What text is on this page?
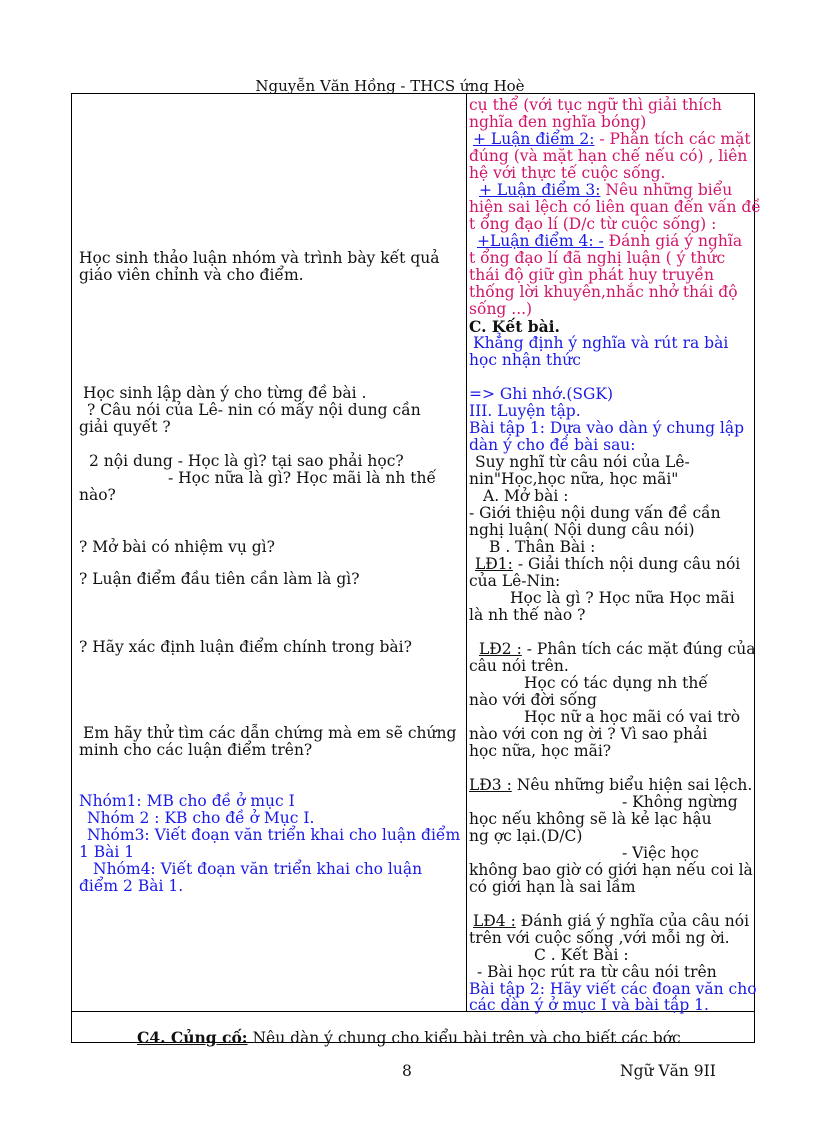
Nguyễn Văn Hồng - THCS ứng Hoè
Học sinh thảo luận nhóm và trình bày kết quả
giáo viên chỉnh và cho điểm.
Học sinh lập dàn ý cho từng đề bài .
? Câu nói của Lê- nin có mấy nội dung cần
giải quyết ?
2 nội dung - Học là gì? tại sao phải học?
- Học nữa là gì? Học mãi là nh thế
nào?
? Mở bài có nhiệm vụ gì?
? Luận điểm đầu tiên cần làm là gì?
? Hãy xác định luận điểm chính trong bài?
Em hãy thử tìm các dẫn chứng mà em sẽ chứng
minh cho các luận điểm trên?
Nhóm1: MB cho đề ở mục I
Nhóm 2 : KB cho đề ở Mục I.
Nhóm3: Viết đoạn văn triển khai cho luận điểm
1 Bài 1
Nhóm4: Viết đoạn văn triển khai cho luận
điểm 2 Bài 1.
cụ thể (với tục ngữ thì giải thích
nghĩa đen nghĩa bóng)
+ Luận điểm 2: - Phân tích các mặt
đúng (và mặt hạn chế nếu có) , liên
hệ với thực tế cuộc sống.
+ Luận điểm 3: Nêu những biểu
hiện sai lệch có liên quan đến vấn đề
t ổng đạo lí (D/c từ cuộc sống) :
+Luận điểm 4: - Đánh giá ý nghĩa
t ổng đạo lí đã nghị luận ( ý thức
thái độ giữ gìn phát huy truyền
thống lời khuyên,nhắc nhở thái độ
sống ...)
C. Kết bài.
Khẳng định ý nghĩa và rút ra bài
học nhận thức
=> Ghi nhớ.(SGK)
III. Luyện tập.
Bài tập 1: Dựa vào dàn ý chung lập
dàn ý cho đề bài sau:
Suy nghĩ từ câu nói của Lê-
nin"Học,học nữa, học mãi"
A. Mở bài :
- Giới thiệu nội dung vấn đề cần
nghị luận( Nội dung câu nói)
B . Thân Bài :
LĐ1: - Giải thích nội dung câu nói
của Lê-Nin:
Học là gì ? Học nữa Học mãi
là nh thế nào ?
LĐ2 : - Phân tích các mặt đúng của
câu nói trên.
Học có tác dụng nh thế
nào với đời sống
Học nữ a học mãi có vai trò
nào với con ng ời ? Vì sao phải
học nữa, học mãi?
LĐ3 : Nêu những biểu hiện sai lệch.
- Không ngừng
học nếu không sẽ là kẻ lạc hậu
ng ợc lại.(D/C)
- Việc học
không bao giờ có giới hạn nếu coi là
có giới hạn là sai lầm
LĐ4 : Đánh giá ý nghĩa của câu nói
trên với cuộc sống ,với mỗi ng ời.
C . Kết Bài :
- Bài học rút ra từ câu nói trên
Bài tập 2: Hãy viết các đoạn văn cho
các dàn ý ở mục I và bài tập 1.
C4. Củng cố: Nêu dàn ý chung cho kiểu bài trên và cho biết các bớc
8	Ngữ Văn 9II
